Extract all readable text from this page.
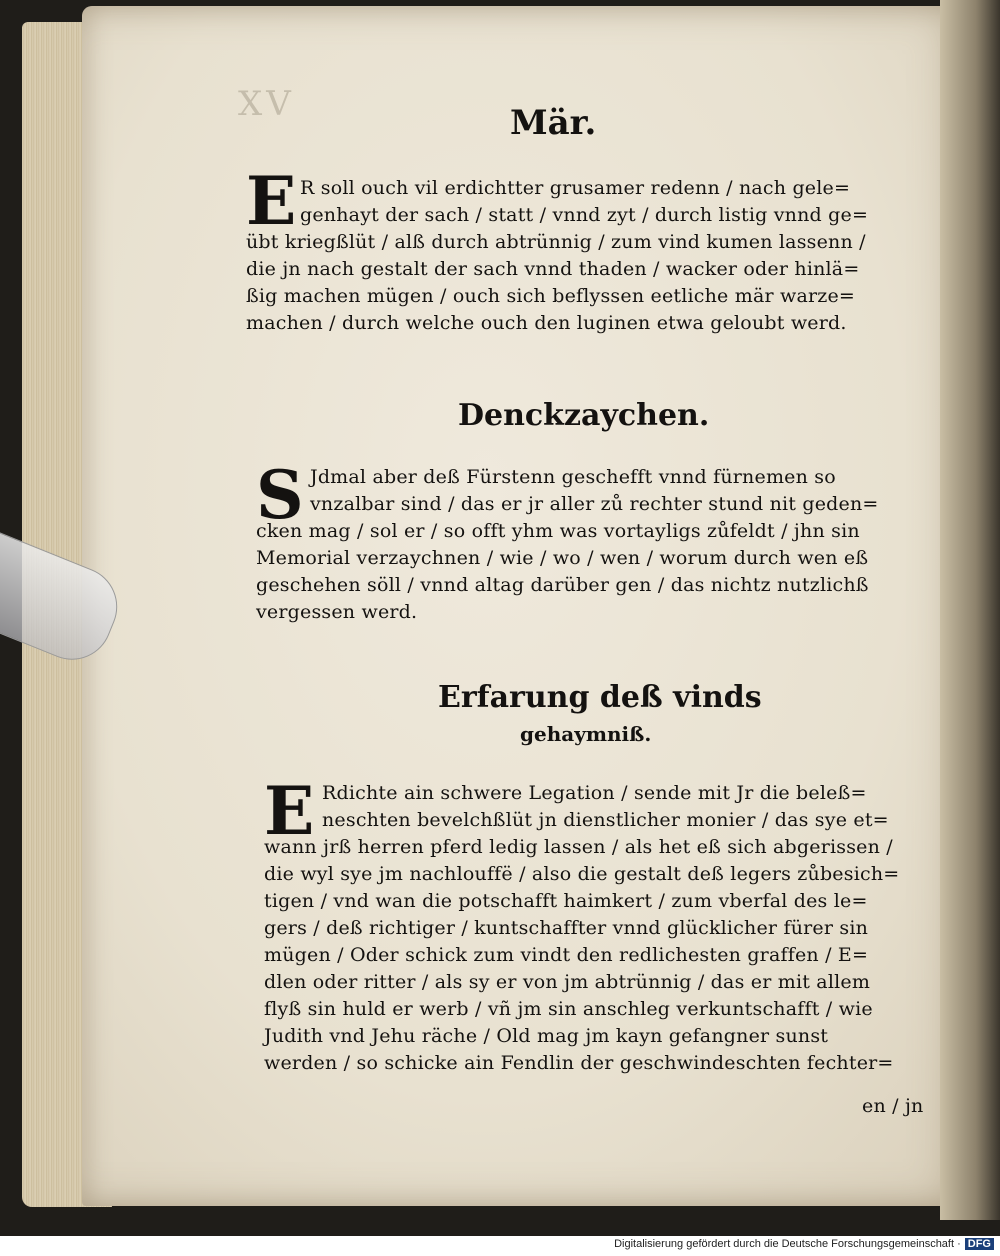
XV	Mär.
E R soll ouch vil erdichtter grusamer redenn / nach gele=
genhayt der sach / statt / vnnd zyt / durch listig vnnd ge=
übt kriegßlüt / alß durch abtrünnig / zum vind kumen lassenn /
die jn nach gestalt der sach vnnd thaden / wacker oder hinlä=
ßig machen mügen / ouch sich beflyssen eetliche mär warze=
machen / durch welche ouch den luginen etwa geloubt werd.
Denckzaychen.
S Jdmal aber deß Fürstenn geschefft vnnd fürnemen so
vnzalbar sind / das er jr aller zů rechter stund nit geden=
cken mag / sol er / so offt yhm was vortayligs zůfeldt / jhn sin
Memorial verzaychnen / wie / wo / wen / worum durch wen eß
geschehen söll / vnnd altag darüber gen / das nichtz nutzlichß
vergessen werd.
Erfarung deß vinds
gehaymniß.
E Rdichte ain schwere Legation / sende mit Jr die beleß=
neschten bevelchßlüt jn dienstlicher monier / das sye et=
wann jrß herren pferd ledig lassen / als het eß sich abgerissen /
die wyl sye jm nachlouffë / also die gestalt deß legers zůbesich=
tigen / vnd wan die potschafft haimkert / zum vberfal des le=
gers / deß richtiger / kuntschaffter vnnd glücklicher fürer sin
mügen / Oder schick zum vindt den redlichesten graffen / E=
dlen oder ritter / als sy er von jm abtrünnig / das er mit allem
flyß sin huld er werb / vñ jm sin anschleg verkuntschafft / wie
Judith vnd Jehu räche / Old mag jm kayn gefangner sunst
werden / so schicke ain Fendlin der geschwindeschten fechter=
en / jn
Digitalisierung gefördert durch die Deutsche Forschungsgemeinschaft · DFG
